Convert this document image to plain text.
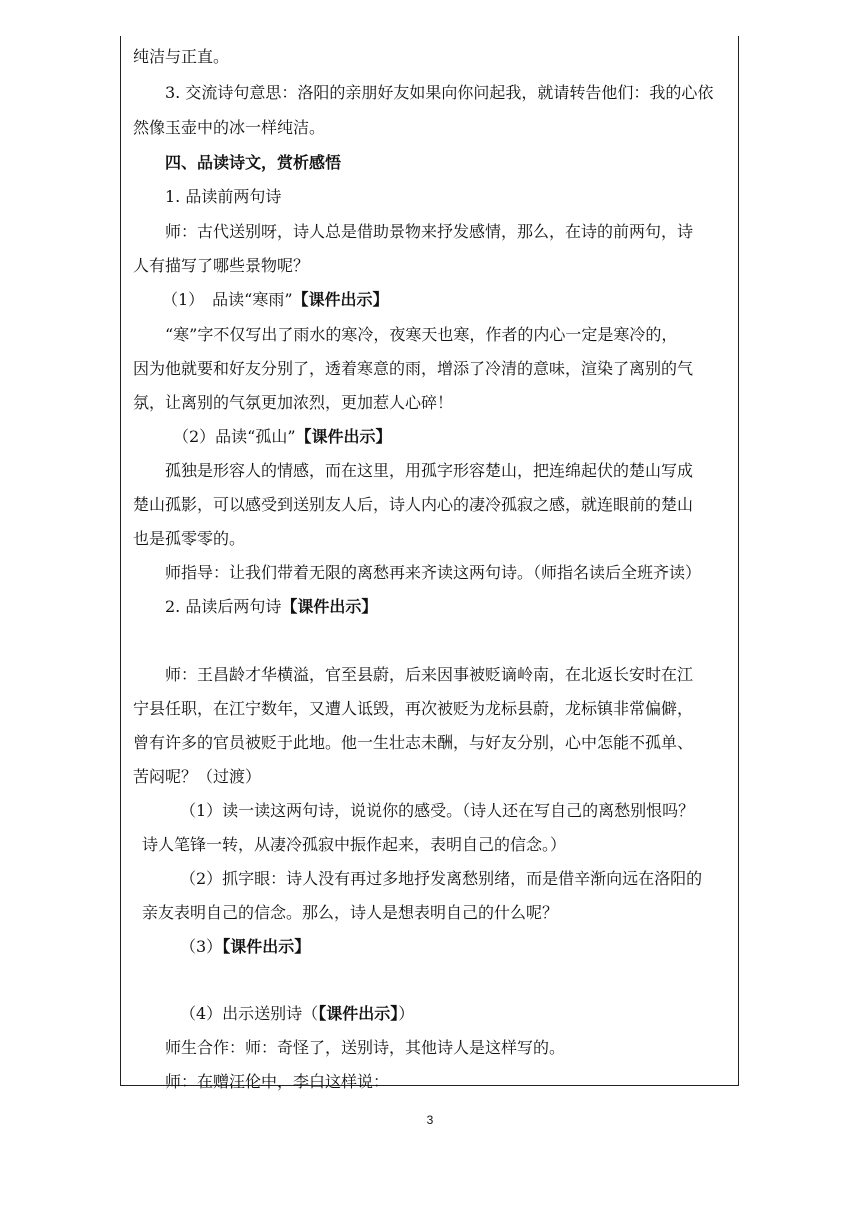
纯洁与正直。
3. 交流诗句意思：洛阳的亲朋好友如果向你问起我，就请转告他们：我的心依
然像玉壶中的冰一样纯洁。
四、品读诗文，赏析感悟
1. 品读前两句诗
师：古代送别呀，诗人总是借助景物来抒发感情，那么，在诗的前两句，诗
人有描写了哪些景物呢？
（1）　品读“寒雨”【课件出示】
“寒”字不仅写出了雨水的寒冷，夜寒天也寒，作者的内心一定是寒冷的，
因为他就要和好友分别了，透着寒意的雨，增添了冷清的意味，渲染了离别的气
氛，让离别的气氛更加浓烈，更加惹人心碎！
（2）品读“孤山”【课件出示】
孤独是形容人的情感，而在这里，用孤字形容楚山，把连绵起伏的楚山写成
楚山孤影，可以感受到送别友人后，诗人内心的凄冷孤寂之感，就连眼前的楚山
也是孤零零的。
师指导：让我们带着无限的离愁再来齐读这两句诗。（师指名读后全班齐读）
2. 品读后两句诗【课件出示】
师：王昌龄才华横溢，官至县蔚，后来因事被贬谪岭南，在北返长安时在江
宁县任职，在江宁数年，又遭人诋毁，再次被贬为龙标县蔚，龙标镇非常偏僻，
曾有许多的官员被贬于此地。他一生壮志未酬，与好友分别，心中怎能不孤单、
苦闷呢？（过渡）
（1）读一读这两句诗，说说你的感受。（诗人还在写自己的离愁别恨吗？
诗人笔锋一转，从凄冷孤寂中振作起来，表明自己的信念。）
（2）抓字眼：诗人没有再过多地抒发离愁别绪，而是借辛渐向远在洛阳的
亲友表明自己的信念。那么，诗人是想表明自己的什么呢？
（3）【课件出示】
（4）出示送别诗（【课件出示】）
师生合作：师：奇怪了，送别诗，其他诗人是这样写的。
师：在赠汪伦中，李白这样说：
3
